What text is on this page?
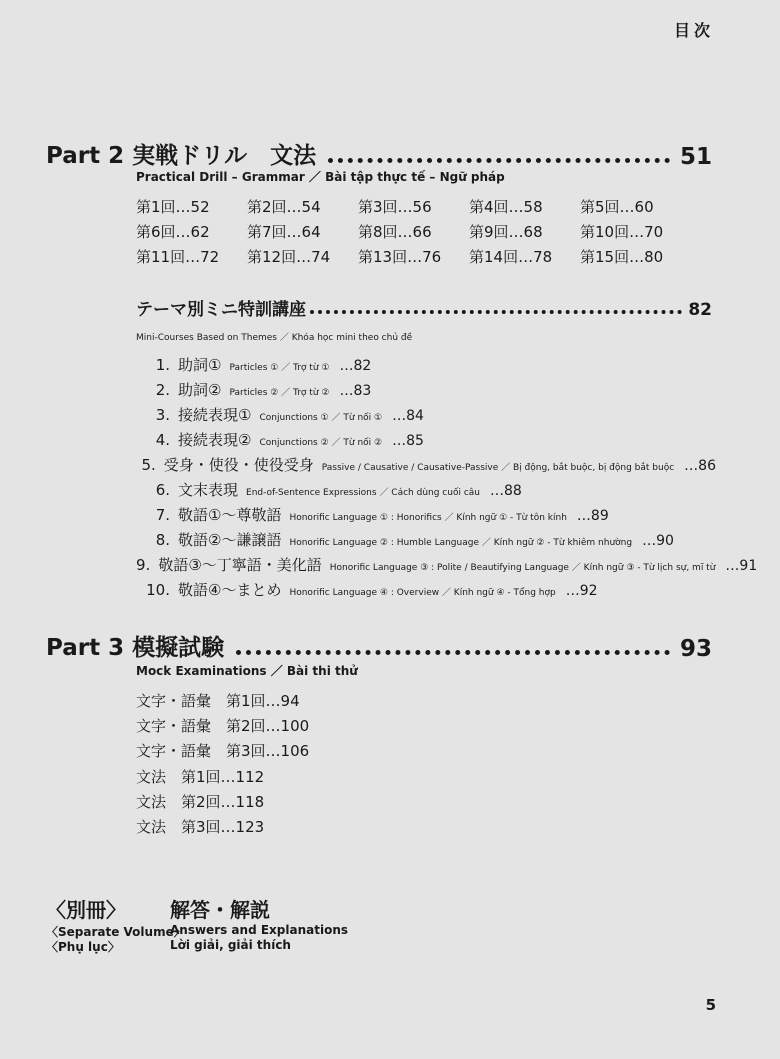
目次
Part 2 実戦ドリル　文法	51
Practical Drill – Grammar ／ Bài tập thực tế – Ngữ pháp
第1回…52	第2回…54	第3回…56	第4回…58	第5回…60
第6回…62	第7回…64	第8回…66	第9回…68	第10回…70
第11回…72	第12回…74	第13回…76	第14回…78	第15回…80
テーマ別ミニ特訓講座	82
Mini-Courses Based on Themes ／ Khóa học mini theo chủ đề
1. 助詞① Particles ① ／ Trợ từ ① …82
2. 助詞② Particles ② ／ Trợ từ ② …83
3. 接続表現① Conjunctions ① ／ Từ nối ① …84
4. 接続表現② Conjunctions ② ／ Từ nối ② …85
5. 受身・使役・使役受身 Passive / Causative / Causative-Passive ／ Bị động, bắt buộc, bị động bắt buộc …86
6. 文末表現 End-of-Sentence Expressions ／ Cách dùng cuối câu …88
7. 敬語①〜尊敬語 Honorific Language ① : Honorifics ／ Kính ngữ ① - Từ tôn kính …89
8. 敬語②〜謙譲語 Honorific Language ② : Humble Language ／ Kính ngữ ② - Từ khiêm nhường …90
9. 敬語③〜丁寧語・美化語 Honorific Language ③ : Polite / Beautifying Language ／ Kính ngữ ③ - Từ lịch sự, mĩ từ …91
10. 敬語④〜まとめ Honorific Language ④ : Overview ／ Kính ngữ ④ - Tổng hợp …92
Part 3 模擬試験	93
Mock Examinations ／ Bài thi thử
文字・語彙　第1回…94
文字・語彙　第2回…100
文字・語彙　第3回…106
文法　第1回…112
文法　第2回…118
文法　第3回…123
〈別冊〉
〈Separate Volume〉
〈Phụ lục〉
解答・解説
Answers and Explanations
Lời giải, giải thích
5
